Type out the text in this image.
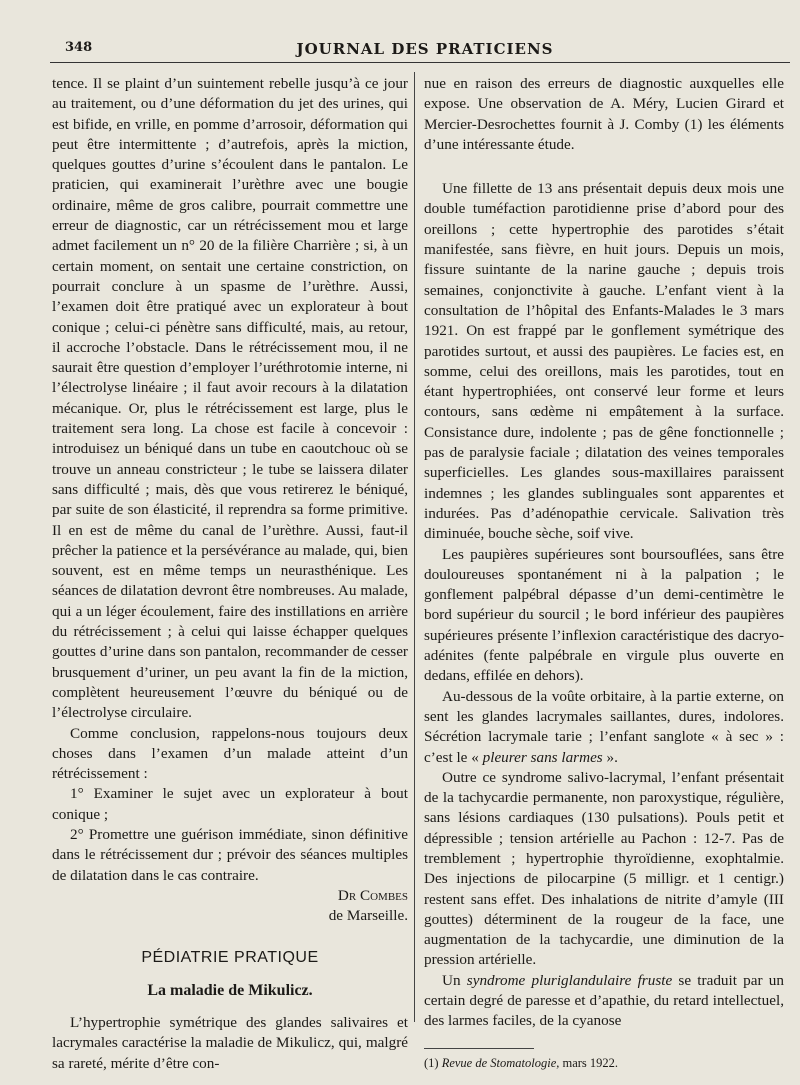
348	JOURNAL DES PRATICIENS

tence. Il se plaint d’un suintement rebelle jusqu’à ce jour au traitement, ou d’une déformation du jet des urines, qui est bifide, en vrille, en pomme d’arrosoir, déformation qui peut être intermittente ; d’autrefois, après la miction, quelques gouttes d’urine s’écoulent dans le pantalon. Le praticien, qui examinerait l’urèthre avec une bougie ordinaire, même de gros calibre, pourrait commettre une erreur de diagnostic, car un rétrécissement mou et large admet facilement un n° 20 de la filière Charrière ; si, à un certain moment, on sentait une certaine constriction, on pourrait conclure à un spasme de l’urèthre. Aussi, l’examen doit être pratiqué avec un explorateur à bout conique ; celui-ci pénètre sans difficulté, mais, au retour, il accroche l’obstacle. Dans le rétrécissement mou, il ne saurait être question d’employer l’uréthrotomie interne, ni l’électrolyse linéaire ; il faut avoir recours à la dilatation mécanique. Or, plus le rétrécissement est large, plus le traitement sera long. La chose est facile à concevoir : introduisez un béniqué dans un tube en caoutchouc où se trouve un anneau constricteur ; le tube se laissera dilater sans difficulté ; mais, dès que vous retirerez le béniqué, par suite de son élasticité, il reprendra sa forme primitive. Il en est de même du canal de l’urèthre. Aussi, faut-il prêcher la patience et la persévérance au malade, qui, bien souvent, est en même temps un neurasthénique. Les séances de dilatation devront être nombreuses. Au malade, qui a un léger écoulement, faire des instillations en arrière du rétrécissement ; à celui qui laisse échapper quelques gouttes d’urine dans son pantalon, recommander de cesser brusquement d’uriner, un peu avant la fin de la miction, complètent heureusement l’œuvre du béniqué ou de l’électrolyse circulaire.

Comme conclusion, rappelons-nous toujours deux choses dans l’examen d’un malade atteint d’un rétrécissement :

1° Examiner le sujet avec un explorateur à bout conique ;

2° Promettre une guérison immédiate, sinon définitive dans le rétrécissement dur ; prévoir des séances multiples de dilatation dans le cas contraire.

Dr Combes

de Marseille.

PÉDIATRIE PRATIQUE
La maladie de Mikulicz.

L’hypertrophie symétrique des glandes salivaires et lacrymales caractérise la maladie de Mikulicz, qui, malgré sa rareté, mérite d’être con-

nue en raison des erreurs de diagnostic auxquelles elle expose. Une observation de A. Méry, Lucien Girard et Mercier-Desrochettes fournit à J. Comby (1) les éléments d’une intéressante étude.

Une fillette de 13 ans présentait depuis deux mois une double tuméfaction parotidienne prise d’abord pour des oreillons ; cette hypertrophie des parotides s’était manifestée, sans fièvre, en huit jours. Depuis un mois, fissure suintante de la narine gauche ; depuis trois semaines, conjonctivite à gauche. L’enfant vient à la consultation de l’hôpital des Enfants-Malades le 3 mars 1921. On est frappé par le gonflement symétrique des parotides surtout, et aussi des paupières. Le facies est, en somme, celui des oreillons, mais les parotides, tout en étant hypertrophiées, ont conservé leur forme et leurs contours, sans œdème ni empâtement à la surface. Consistance dure, indolente ; pas de gêne fonctionnelle ; pas de paralysie faciale ; dilatation des veines temporales superficielles. Les glandes sous-maxillaires paraissent indemnes ; les glandes sublinguales sont apparentes et indurées. Pas d’adénopathie cervicale. Salivation très diminuée, bouche sèche, soif vive.

Les paupières supérieures sont boursouflées, sans être douloureuses spontanément ni à la palpation ; le gonflement palpébral dépasse d’un demi-centimètre le bord supérieur du sourcil ; le bord inférieur des paupières supérieures présente l’inflexion caractéristique des dacryo-adénites (fente palpébrale en virgule plus ouverte en dedans, effilée en dehors).

Au-dessous de la voûte orbitaire, à la partie externe, on sent les glandes lacrymales saillantes, dures, indolores. Sécrétion lacrymale tarie ; l’enfant sanglote « à sec » : c’est le « pleurer sans larmes ».

Outre ce syndrome salivo-lacrymal, l’enfant présentait de la tachycardie permanente, non paroxystique, régulière, sans lésions cardiaques (130 pulsations). Pouls petit et dépressible ; tension artérielle au Pachon : 12-7. Pas de tremblement ; hypertrophie thyroïdienne, exophtalmie. Des injections de pilocarpine (5 milligr. et 1 centigr.) restent sans effet. Des inhalations de nitrite d’amyle (III gouttes) déterminent de la rougeur de la face, une augmentation de la tachycardie, une diminution de la pression artérielle.

Un syndrome pluriglandulaire fruste se traduit par un certain degré de paresse et d’apathie, du retard intellectuel, des larmes faciles, de la cyanose

(1) Revue de Stomatologie, mars 1922.
